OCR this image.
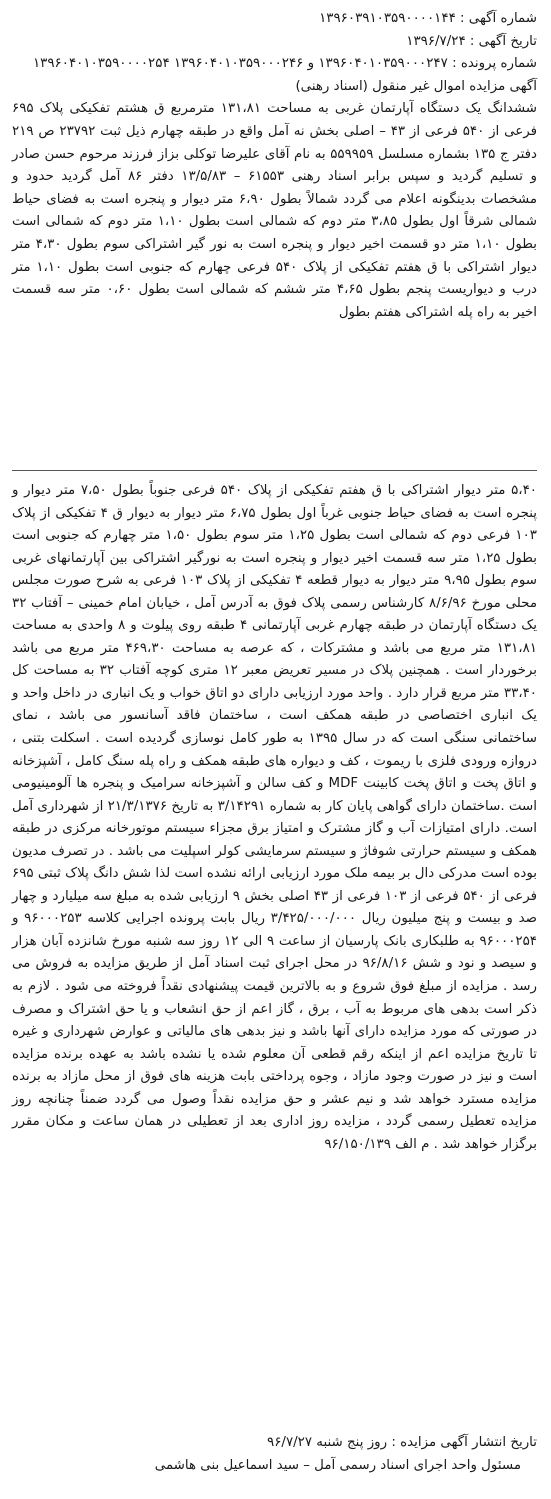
شماره آگهی : ۱۳۹۶۰۳۹۱۰۳۵۹۰۰۰۰۱۴۴
تاریخ آگهی : ۱۳۹۶/۷/۲۴
شماره پرونده : ۱۳۹۶۰۴۰۱۰۳۵۹۰۰۰۲۴۷ و ۱۳۹۶۰۴۰۱۰۳۵۹۰۰۰۲۴۶ ۱۳۹۶۰۴۰۱۰۳۵۹۰۰۰۰۲۵۴
آگهی مزایده اموال غیر منقول (اسناد رهنی)
ششدانگ یک دستگاه آپارتمان غربی به مساحت ۱۳۱،۸۱ مترمربع ق هشتم تفکیکی پلاک ۶۹۵ فرعی از ۵۴۰ فرعی از ۴۳ – اصلی بخش نه آمل واقع در طبقه چهارم ذیل ثبت ۲۳۷۹۲ ص ۲۱۹ دفتر ج ۱۳۵ بشماره مسلسل ۵۵۹۹۵۹ به نام آقای علیرضا توکلی بزاز فرزند مرحوم حسن صادر و تسلیم گردید و سپس برابر اسناد رهنی ۶۱۵۵۳ – ۱۳/۵/۸۳ دفتر ۸۶ آمل گردید حدود و مشخصات بدینگونه اعلام می گردد شمالاً بطول ۶،۹۰ متر دیوار و پنجره است به فضای حیاط شمالی شرقاً اول بطول ۳،۸۵ متر دوم که شمالی است بطول ۱،۱۰ متر دوم که شمالی است بطول ۱،۱۰ متر دو قسمت اخیر دیوار و پنجره است به نور گیر اشتراکی سوم بطول ۴،۳۰ متر دیوار اشتراکی با ق هفتم تفکیکی از پلاک ۵۴۰ فرعی چهارم که جنوبی است بطول ۱،۱۰ متر درب و دیواریست پنجم بطول ۴،۶۵ متر ششم که شمالی است بطول ۰،۶۰ متر سه قسمت اخیر به راه پله اشتراکی هفتم بطول
۵،۴۰ متر دیوار اشتراکی با ق هفتم تفکیکی از پلاک ۵۴۰ فرعی جنوباً بطول ۷،۵۰ متر دیوار و پنجره است به فضای حیاط جنوبی غرباً اول بطول ۶،۷۵ متر دیوار به دیوار ق ۴ تفکیکی از پلاک ۱۰۳ فرعی دوم که شمالی است بطول ۱،۲۵ متر سوم بطول ۱،۵۰ متر چهارم که جنوبی است بطول ۱،۲۵ متر سه قسمت اخیر دیوار و پنجره است به نورگیر اشتراکی بین آپارتمانهای غربی سوم بطول ۹،۹۵ متر دیوار به دیوار قطعه ۴ تفکیکی از پلاک ۱۰۳ فرعی به شرح صورت مجلس محلی مورخ ۸/۶/۹۶ کارشناس رسمی پلاک فوق به آدرس آمل ، خیابان امام خمینی – آفتاب ۳۲ یک دستگاه آپارتمان در طبقه چهارم غربی آپارتمانی ۴ طبقه روی پیلوت و ۸ واحدی به مساحت ۱۳۱،۸۱ متر مربع می باشد و مشترکات ، که عرصه به مساحت ۴۶۹،۳۰ متر مربع می باشد برخوردار است . همچنین پلاک در مسیر تعریض معبر ۱۲ متری کوچه آفتاب ۳۲ به مساحت کل ۳۳،۴۰ متر مربع قرار دارد . واحد مورد ارزیابی دارای دو اتاق خواب و یک انباری در داخل واحد و یک انباری اختصاصی در طبقه همکف است ، ساختمان فاقد آسانسور می باشد ، نمای ساختمانی سنگی است که در سال ۱۳۹۵ به طور کامل نوسازی گردیده است . اسکلت بتنی ، دروازه ورودی فلزی با ریموت ، کف و دیواره های طبقه همکف و راه پله سنگ کامل ، آشپزخانه و اتاق پخت و اتاق پخت کابینت MDF و کف سالن و آشپزخانه سرامیک و پنجره ها آلومینیومی است .ساختمان دارای گواهی پایان کار به شماره ۳/۱۴۲۹۱ به تاریخ ۲۱/۳/۱۳۷۶ از شهرداری آمل است. دارای امتیازات آب و گاز مشترک و امتیاز برق مجزاء سیستم موتورخانه مرکزی در طبقه همکف و سیستم حرارتی شوفاژ و سیستم سرمایشی کولر اسپلیت می باشد . در تصرف مدیون بوده است مدرکی دال بر بیمه ملک مورد ارزیابی ارائه نشده است لذا شش دانگ پلاک ثبتی ۶۹۵ فرعی از ۵۴۰ فرعی از ۱۰۳ فرعی از ۴۳ اصلی بخش ۹ ارزیابی شده به مبلغ سه میلیارد و چهار صد و بیست و پنج میلیون ریال ۳/۴۲۵/۰۰۰/۰۰۰ ریال بابت پرونده اجرایی کلاسه ۹۶۰۰۰۲۵۳ و ۹۶۰۰۰۲۵۴ به طلبکاری بانک پارسیان از ساعت ۹ الی ۱۲ روز سه شنبه مورخ شانزده آبان هزار و سیصد و نود و شش ۹۶/۸/۱۶ در محل اجرای ثبت اسناد آمل از طریق مزایده به فروش می رسد . مزایده از مبلغ فوق شروع و به بالاترین قیمت پیشنهادی نقداً فروخته می شود . لازم به ذکر است بدهی های مربوط به آب ، برق ، گاز اعم از حق انشعاب و یا حق اشتراک و مصرف در صورتی که مورد مزایده دارای آنها باشد و نیز بدهی های مالیاتی و عوارض شهرداری و غیره تا تاریخ مزایده اعم از اینکه رقم قطعی آن معلوم شده یا نشده باشد به عهده برنده مزایده است و نیز در صورت وجود مازاد ، وجوه پرداختی بابت هزینه های فوق از محل مازاد به برنده مزایده مسترد خواهد شد و نیم عشر و حق مزایده نقداً وصول می گردد ضمناً چنانچه روز مزایده تعطیل رسمی گردد ، مزایده روز اداری بعد از تعطیلی در همان ساعت و مکان مقرر برگزار خواهد شد . م الف ۹۶/۱۵۰/۱۳۹
تاریخ انتشار آگهی مزایده : روز پنج شنبه ۹۶/۷/۲۷
مسئول واحد اجرای اسناد رسمی آمل – سید اسماعیل بنی هاشمی
